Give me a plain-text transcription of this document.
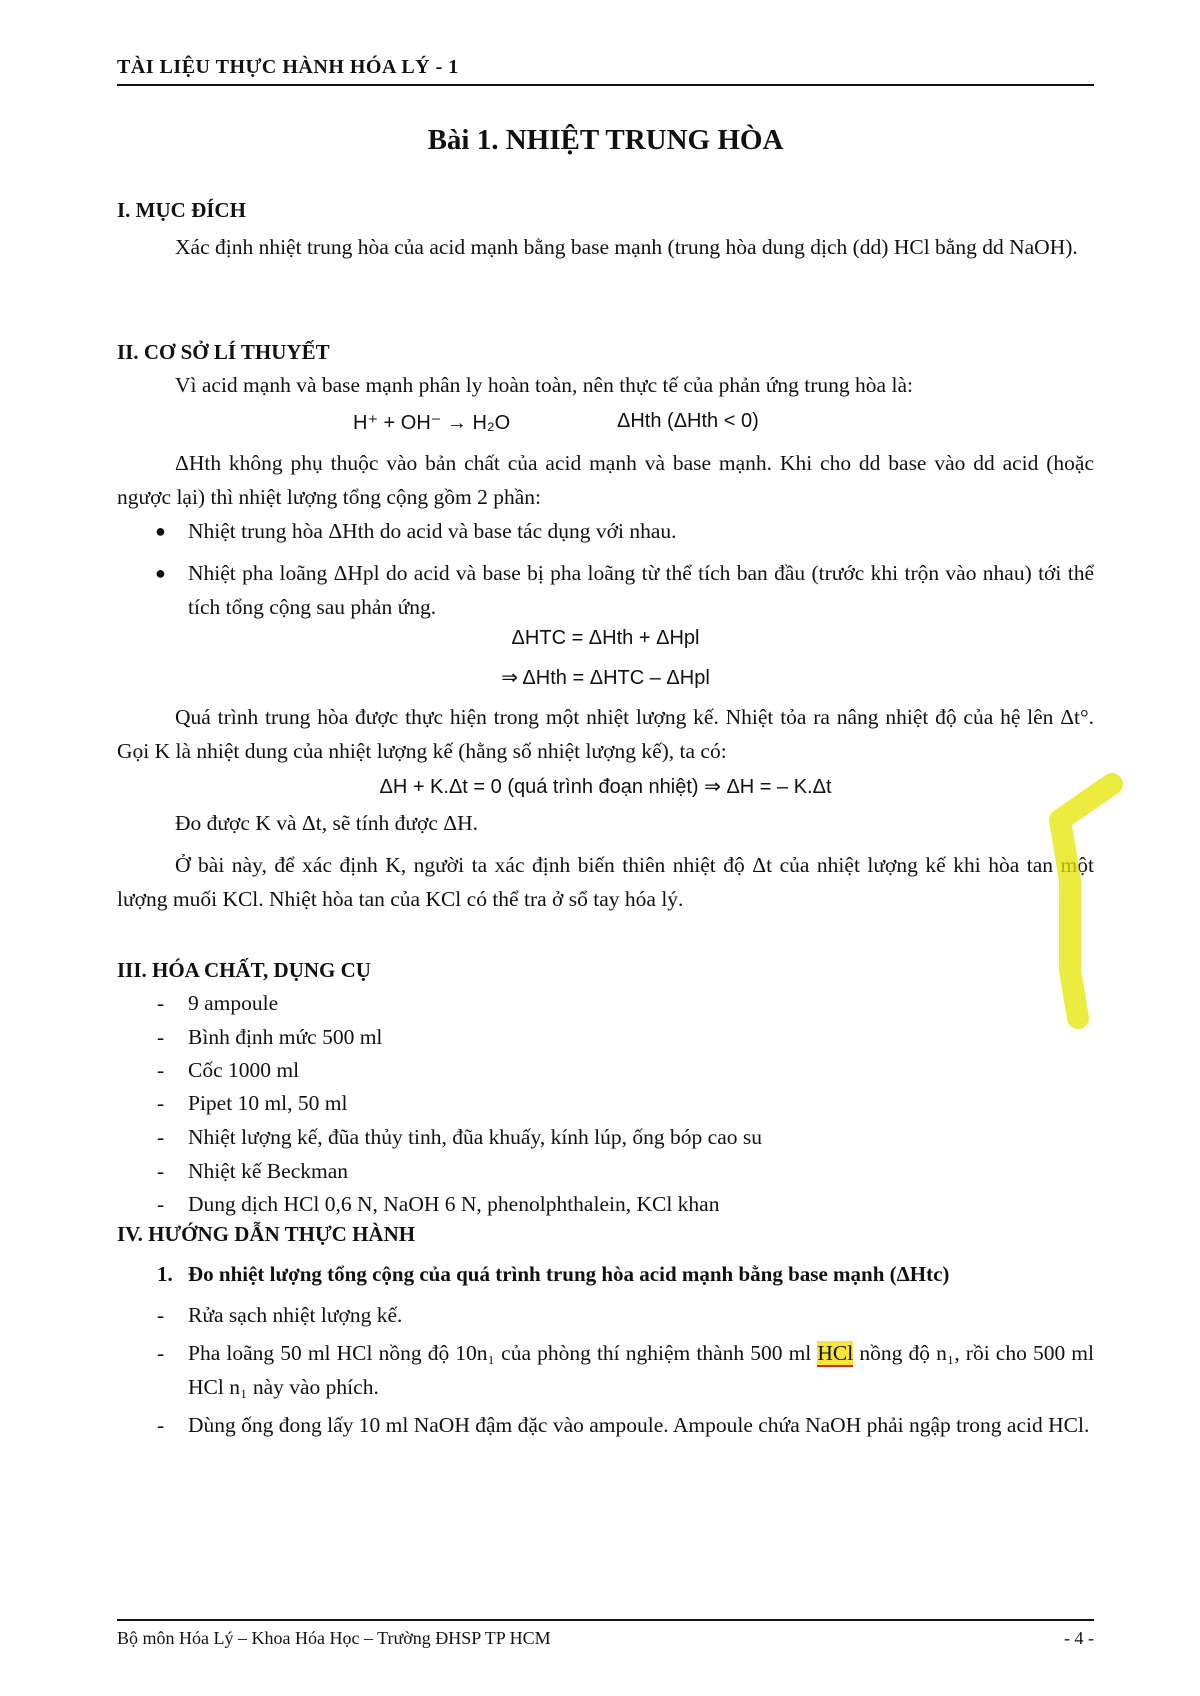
TÀI LIỆU THỰC HÀNH HÓA LÝ - 1
Bài 1. NHIỆT TRUNG HÒA
I. MỤC ĐÍCH
Xác định nhiệt trung hòa của acid mạnh bằng base mạnh (trung hòa dung dịch (dd) HCl bằng dd NaOH).
II. CƠ SỞ LÍ THUYẾT
Vì acid mạnh và base mạnh phân ly hoàn toàn, nên thực tế của phản ứng trung hòa là:
H⁺ + OH⁻ → H₂O	ΔHth (ΔHth < 0)
ΔHth không phụ thuộc vào bản chất của acid mạnh và base mạnh. Khi cho dd base vào dd acid (hoặc ngược lại) thì nhiệt lượng tổng cộng gồm 2 phần:
● Nhiệt trung hòa ΔHth do acid và base tác dụng với nhau.
● Nhiệt pha loãng ΔHpl do acid và base bị pha loãng từ thể tích ban đầu (trước khi trộn vào nhau) tới thể tích tổng cộng sau phản ứng.
ΔHTC = ΔHth + ΔHpl
⇒ ΔHth = ΔHTC – ΔHpl
Quá trình trung hòa được thực hiện trong một nhiệt lượng kế. Nhiệt tỏa ra nâng nhiệt độ của hệ lên Δt°. Gọi K là nhiệt dung của nhiệt lượng kế (hằng số nhiệt lượng kế), ta có:
ΔH + K.Δt = 0 (quá trình đoạn nhiệt) ⇒ ΔH = – K.Δt
Đo được K và Δt, sẽ tính được ΔH.
Ở bài này, để xác định K, người ta xác định biến thiên nhiệt độ Δt của nhiệt lượng kế khi hòa tan một lượng muối KCl. Nhiệt hòa tan của KCl có thể tra ở sổ tay hóa lý.
III. HÓA CHẤT, DỤNG CỤ
- 9 ampoule
- Bình định mức 500 ml
- Cốc 1000 ml
- Pipet 10 ml, 50 ml
- Nhiệt lượng kế, đũa thủy tinh, đũa khuấy, kính lúp, ống bóp cao su
- Nhiệt kế Beckman
- Dung dịch HCl 0,6 N, NaOH 6 N, phenolphthalein, KCl khan
IV. HƯỚNG DẪN THỰC HÀNH
1. Đo nhiệt lượng tổng cộng của quá trình trung hòa acid mạnh bằng base mạnh (ΔHtc)
- Rửa sạch nhiệt lượng kế.
- Pha loãng 50 ml HCl nồng độ 10n₁ của phòng thí nghiệm thành 500 ml HCl nồng độ n₁, rồi cho 500 ml HCl n₁ này vào phích.
- Dùng ống đong lấy 10 ml NaOH đậm đặc vào ampoule. Ampoule chứa NaOH phải ngập trong acid HCl.
Bộ môn Hóa Lý – Khoa Hóa Học – Trường ĐHSP TP HCM	- 4 -
